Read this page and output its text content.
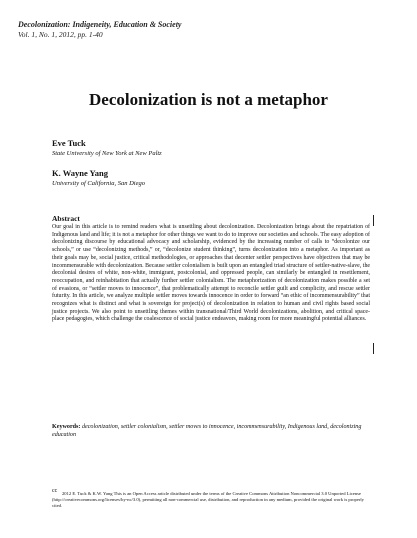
Decolonization: Indigeneity, Education & Society
Vol. 1, No. 1, 2012, pp. 1-40
Decolonization is not a metaphor
Eve Tuck
State University of New York at New Paltz
K. Wayne Yang
University of California, San Diego
Abstract
Our goal in this article is to remind readers what is unsettling about decolonization. Decolonization brings about the repatriation of Indigenous land and life; it is not a metaphor for other things we want to do to improve our societies and schools. The easy adoption of decolonizing discourse by educational advocacy and scholarship, evidenced by the increasing number of calls to “decolonize our schools,” or use “decolonizing methods,” or, “decolonize student thinking”, turns decolonization into a metaphor. As important as their goals may be, social justice, critical methodologies, or approaches that decenter settler perspectives have objectives that may be incommensurable with decolonization. Because settler colonialism is built upon an entangled triad structure of settler-native-slave, the decolonial desires of white, non-white, immigrant, postcolonial, and oppressed people, can similarly be entangled in resettlement, reoccupation, and reinhabitation that actually further settler colonialism. The metaphorization of decolonization makes possible a set of evasions, or “settler moves to innocence”, that problematically attempt to reconcile settler guilt and complicity, and rescue settler futurity. In this article, we analyze multiple settler moves towards innocence in order to forward “an ethic of incommensurability” that recognizes what is distinct and what is sovereign for project(s) of decolonization in relation to human and civil rights based social justice projects. We also point to unsettling themes within transnational/Third World decolonizations, abolition, and critical space-place pedagogies, which challenge the coalescence of social justice endeavors, making room for more meaningful potential alliances.
Keywords: decolonization, settler colonialism, settler moves to innocence, incommensurability, Indigenous land, decolonizing education
cc	2012 E. Tuck & K.W. Yang This is an Open Access article distributed under the terms of the Creative Commons Attribution Noncommercial 3.0 Unported License (http://creativecommons.org/licenses/by-nc/3.0), permitting all non-commercial use, distribution, and reproduction in any medium, provided the original work is properly cited.
